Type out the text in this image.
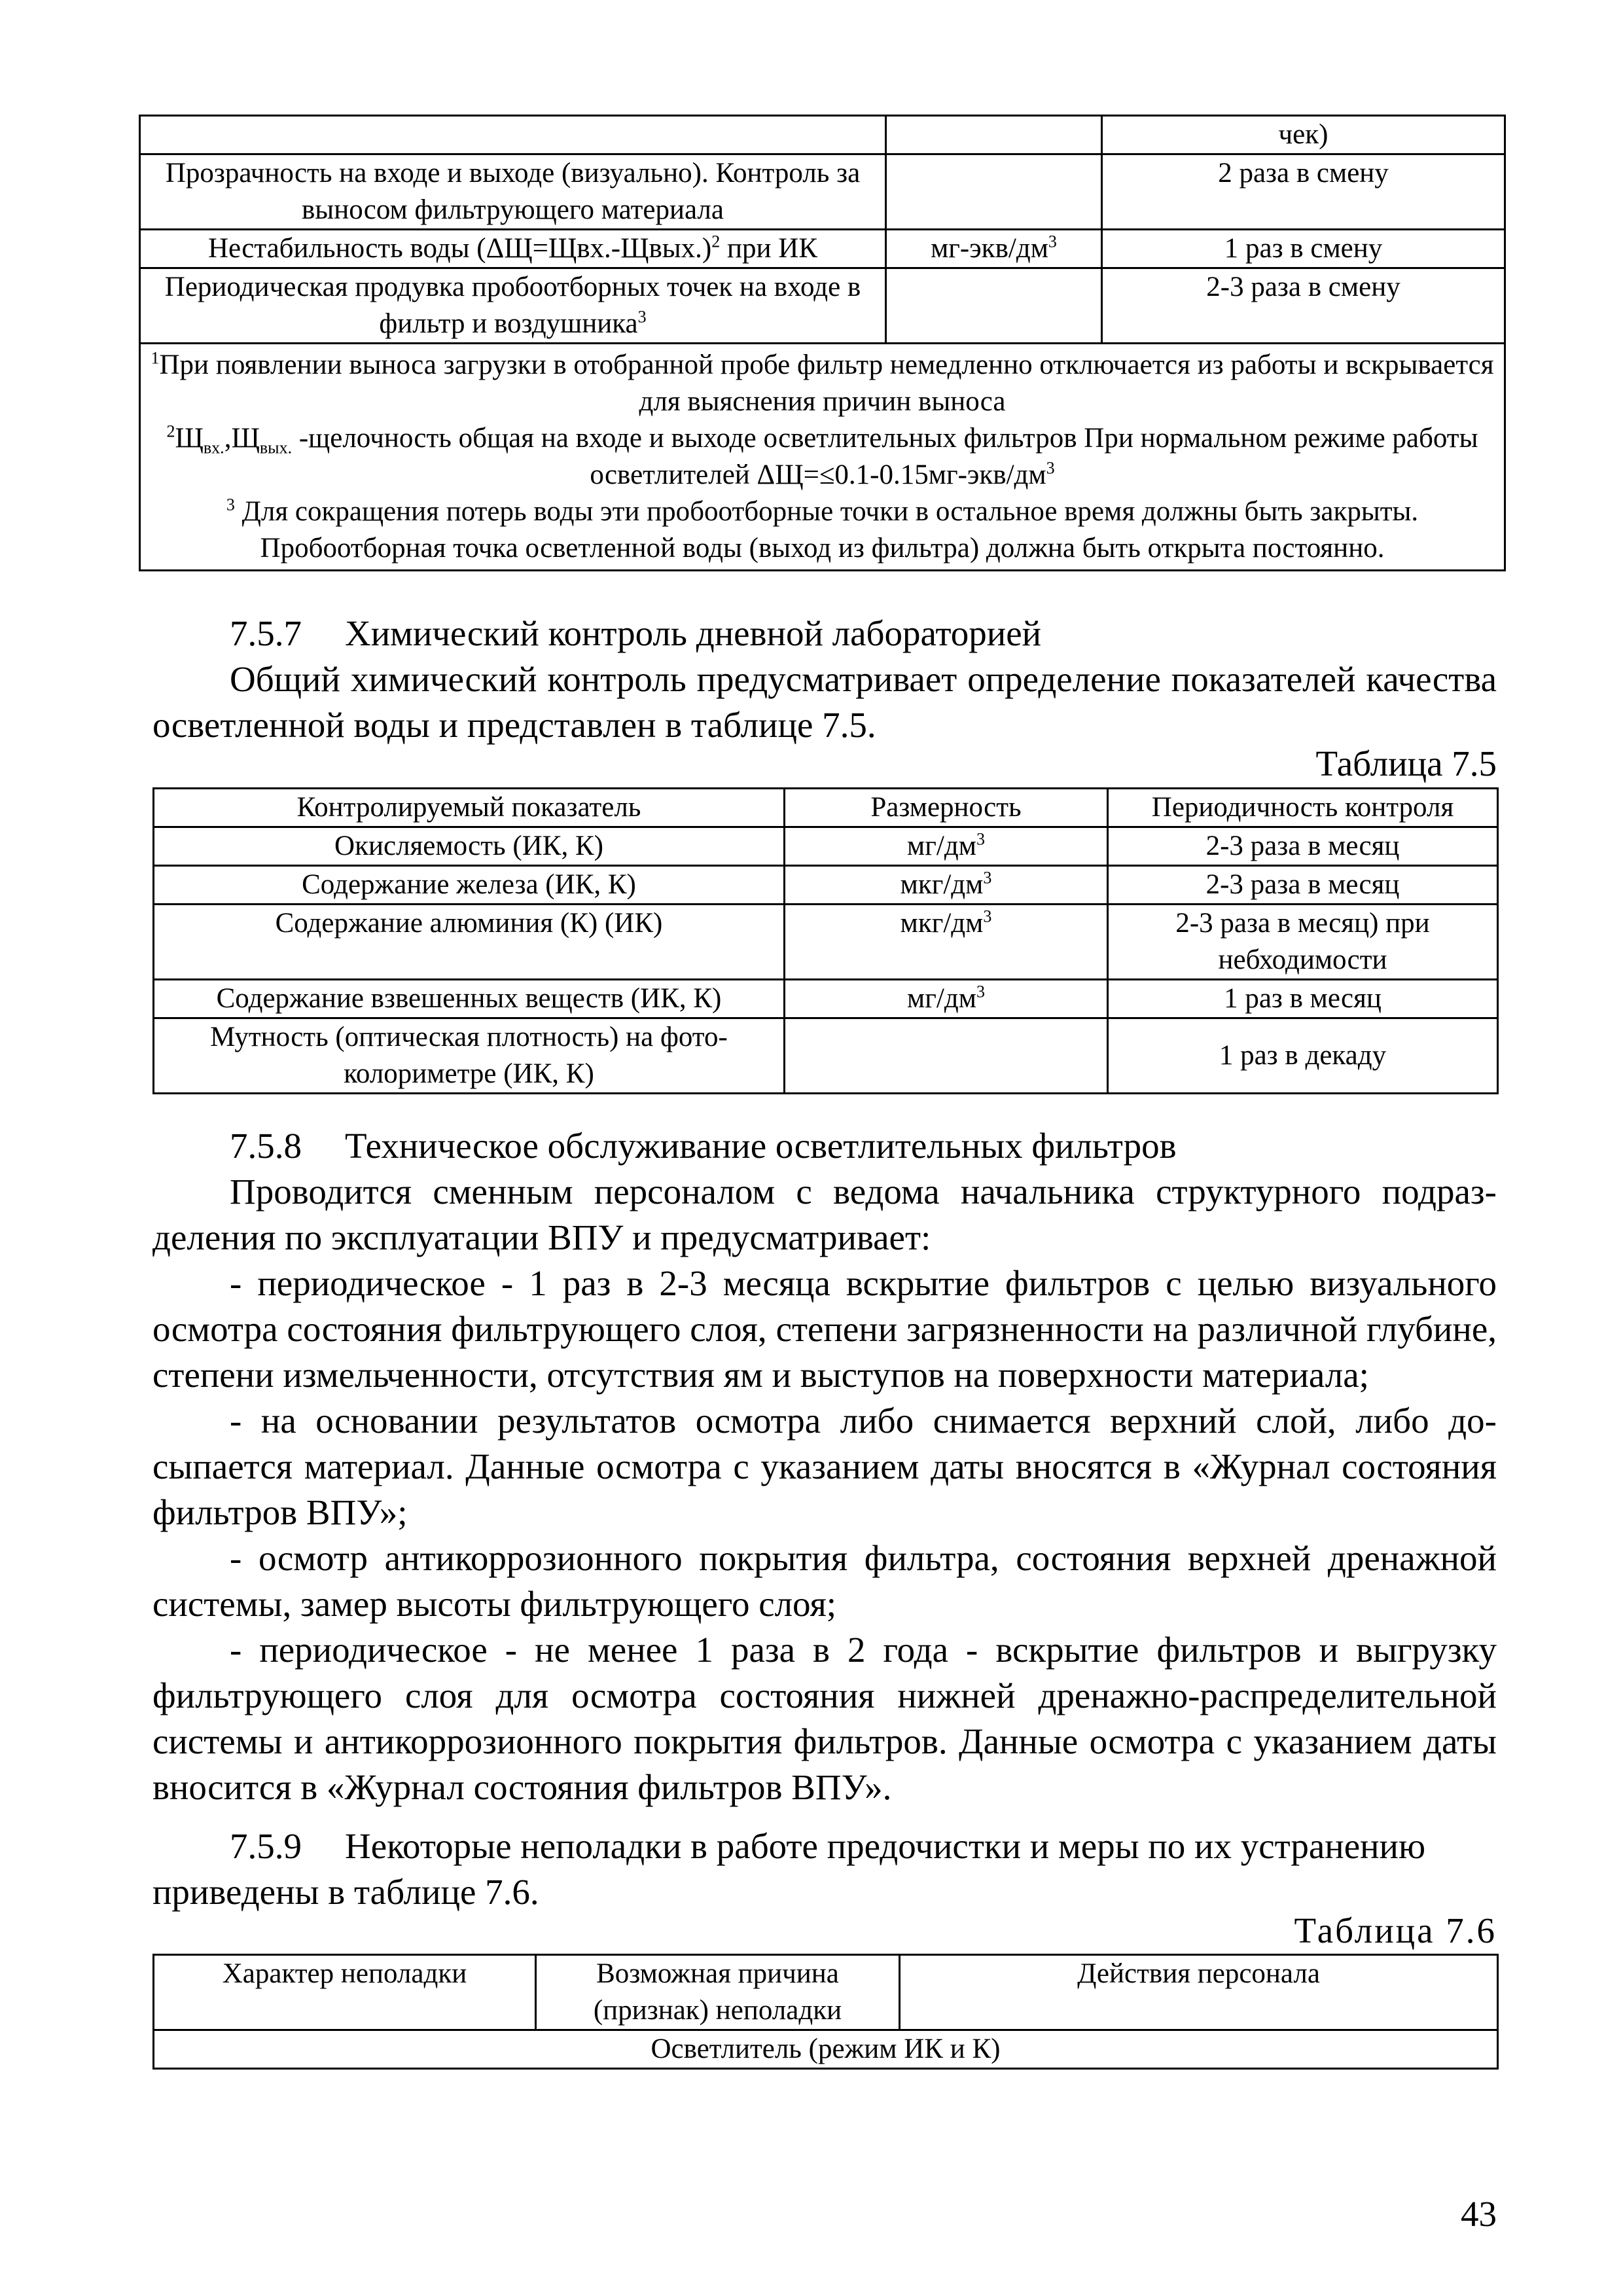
		чек)
Прозрачность на входе и выходе (визуально). Контроль за выносом фильтрующего материала		2 раза в смену
Нестабильность воды (ΔЩ=Щвх.-Щвых.)$^2$ при ИК	$мг-экв/дм^3$	1 раз в смену
Периодическая продувка пробоотборных точек на входе в фильтр и воздушника$^3$		2-3 раза в смену

$^1$При появлении выноса загрузки в отобранной пробе фильтр немедленно отключается из работы и вскрывается для выяснения причин выноса
$^2Щ_{вх.},Щ_{вых.}$ -щелочность общая на входе и выходе осветлительных фильтров При нормальном режиме работы осветлителей $\Delta Щ=\le 0.1-0.15мг-экв/дм^3$
$^3$ Для сокращения потерь воды эти пробоотборные точки в остальное время должны быть закрыты. Пробоотборная точка осветленной воды (выход из фильтра) должна быть открыта постоянно.		
7.5.7 Химический контроль дневной лабораторией

Общий химический контроль предусматривает определение показателей качества осветленной воды и представлен в таблице 7.5.

Таблица 7.5
Контролируемый показатель	Размерность	Периодичность контроля
Окисляемость (ИК, К)	$мг/дм^3$	2-3 раза в месяц
Содержание железа (ИК, К)	мкг/$дм^3$	2-3 раза в месяц
Содержание алюминия (К) (ИК)	мкг/$дм^3$	2-3 раза в месяц) при небходимости
Содержание взвешенных веществ (ИК, К)	$мг/дм^3$	1 раз в месяц
Мутность (оптическая плотность) на фотоколориметре (ИК, К)		1 раз в декаду
7.5.8 Техническое обслуживание осветлительных фильтров

Проводится сменным персоналом с ведома начальника структурного подразделения по эксплуатации ВПУ и предусматривает:

- периодическое - 1 раз в 2-3 месяца вскрытие фильтров с целью визуального осмотра состояния фильтрующего слоя, степени загрязненности на различной глубине, степени измельченности, отсутствия ям и выступов на поверхности материала;

- на основании результатов осмотра либо снимается верхний слой, либо досыпается материал. Данные осмотра с указанием даты вносятся в «Журнал состояния фильтров ВПУ»;

- осмотр антикоррозионного покрытия фильтра, состояния верхней дренажной системы, замер высоты фильтрующего слоя;

- периодическое - не менее 1 раза в 2 года - вскрытие фильтров и выгрузку фильтрующего слоя для осмотра состояния нижней дренажно-распределительной системы и антикоррозионного покрытия фильтров. Данные осмотра с указанием даты вносится в «Журнал состояния фильтров ВПУ».

7.5.9 Некоторые неполадки в работе предочистки и меры по их устранению

приведены в таблице 7.6.
Таблица 7.6
Характер неполадки	Возможная причина (признак) неполадки	Действия персонала
Осветлитель (режим ИК и К)
43
